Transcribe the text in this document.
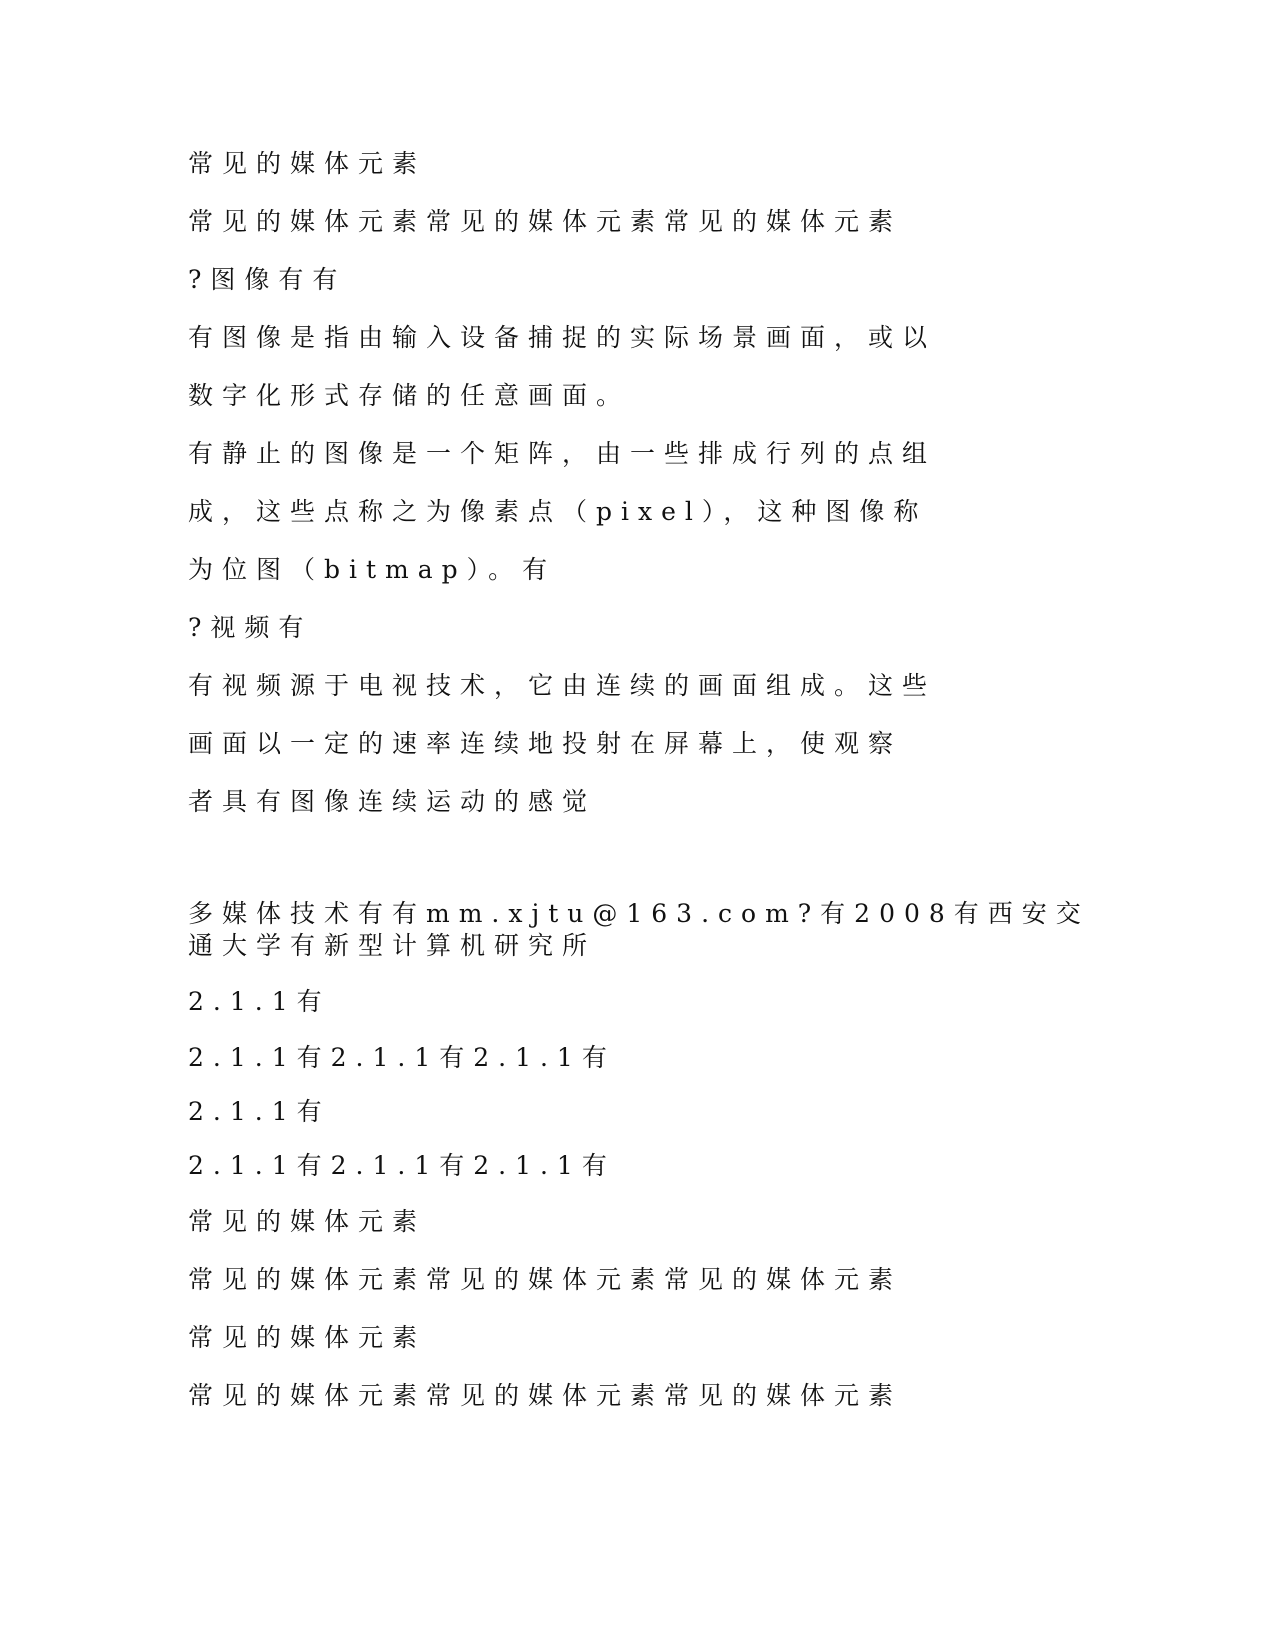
常见的媒体元素

常见的媒体元素常见的媒体元素常见的媒体元素

?图像有有

有图像是指由输入设备捕捉的实际场景画面，或以

数字化形式存储的任意画面。

有静止的图像是一个矩阵，由一些排成行列的点组

成，这些点称之为像素点（pixel），这种图像称

为位图（bitmap）。有

?视频有

有视频源于电视技术，它由连续的画面组成。这些

画面以一定的速率连续地投射在屏幕上，使观察

者具有图像连续运动的感觉

多媒体技术有有mm.xjtu@163.com?有2008有西安交通大学有新型计算机研究所

2.1.1有

2.1.1有2.1.1有2.1.1有

2.1.1有

2.1.1有2.1.1有2.1.1有

常见的媒体元素

常见的媒体元素常见的媒体元素常见的媒体元素

常见的媒体元素

常见的媒体元素常见的媒体元素常见的媒体元素
